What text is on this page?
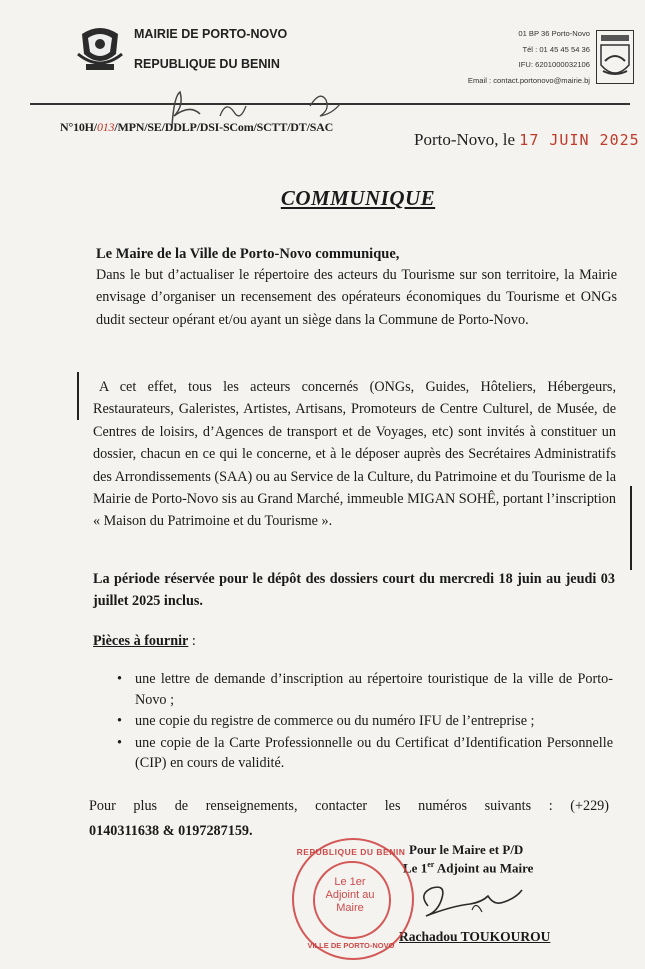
MAIRIE DE PORTO-NOVO
REPUBLIQUE DU BENIN
01 BP 36 Porto-Novo
Tél : 01 45 45 54 36
IFU: 6201000032106
Email : contact.portonovo@mairie.bj
N°10H/013/MPN/SE/DDLP/DSI-SCom/SCTT/DT/SAC
Porto-Novo, le 17 JUIN 2025
COMMUNIQUE
Le Maire de la Ville de Porto-Novo communique,
Dans le but d’actualiser le répertoire des acteurs du Tourisme sur son territoire, la Mairie envisage d’organiser un recensement des opérateurs économiques du Tourisme et ONGs dudit secteur opérant et/ou ayant un siège dans la Commune de Porto-Novo.
A cet effet, tous les acteurs concernés (ONGs, Guides, Hôteliers, Hébergeurs, Restaurateurs, Galeristes, Artistes, Artisans, Promoteurs de Centre Culturel, de Musée, de Centres de loisirs, d’Agences de transport et de Voyages, etc) sont invités à constituer un dossier, chacun en ce qui le concerne, et à le déposer auprès des Secrétaires Administratifs des Arrondissements (SAA) ou au Service de la Culture, du Patrimoine et du Tourisme de la Mairie de Porto-Novo sis au Grand Marché, immeuble MIGAN SOHÊ, portant l’inscription « Maison du Patrimoine et du Tourisme ».
La période réservée pour le dépôt des dossiers court du mercredi 18 juin au jeudi 03 juillet 2025 inclus.
Pièces à fournir :
• une lettre de demande d’inscription au répertoire touristique de la ville de Porto-Novo ;
• une copie du registre de commerce ou du numéro IFU de l’entreprise ;
• une copie de la Carte Professionnelle ou du Certificat d’Identification Personnelle (CIP) en cours de validité.
Pour plus de renseignements, contacter les numéros suivants : (+229)
0140311638 & 0197287159.
Pour le Maire et P/D
Le 1er Adjoint au Maire
Rachadou TOUKOUROU
REPUBLIQUE DU BENIN
Le 1er Adjoint au Maire
VILLE DE PORTO-NOVO
